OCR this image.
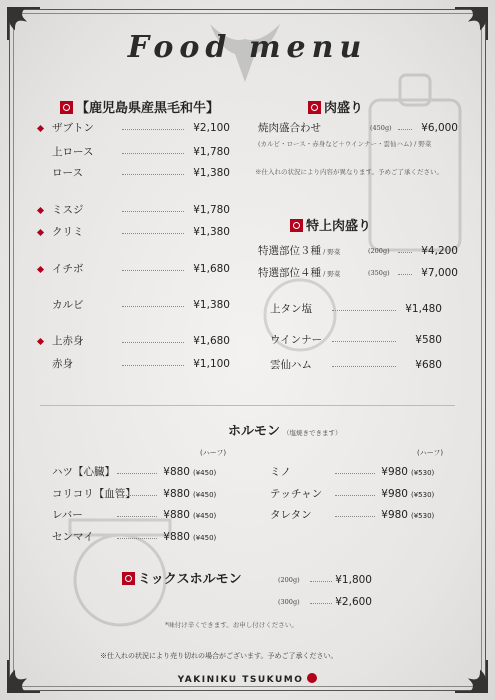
Food menu
【鹿児島県産黒毛和牛】
ザブトン	¥2,100
上ロース	¥1,780
ロース	¥1,380
ミスジ	¥1,780
クリミ	¥1,380
イチボ	¥1,680
カルビ	¥1,380
上赤身	¥1,680
赤身	¥1,100
肉盛り
焼肉盛合わせ	(450g)	¥6,000
(カルビ・ロース・赤身など＋ウインナー・雲仙ハム) / 野菜
※仕入れの状況により内容が異なります。予めご了承ください。
特上肉盛り
特選部位３種 / 野菜	(200g)	¥4,200
特選部位４種 / 野菜	(350g)	¥7,000
上タン塩	¥1,480
ウインナー	¥580
雲仙ハム	¥680
ホルモン （塩焼きできます）
(ハーフ)	(ハーフ)
ハツ【心臓】	¥880 (¥450)
コリコリ【血管】	¥880 (¥450)
レバー	¥880 (¥450)
センマイ	¥880 (¥450)
ミノ	¥980 (¥530)
テッチャン	¥980 (¥530)
タレタン	¥980 (¥530)
ミックスホルモン	(200g)	¥1,800
(300g)	¥2,600
*味付け辛くできます。お申し付けください。
※仕入れの状況により売り切れの場合がございます。予めご了承ください。
YAKINIKU TSUKUMO
